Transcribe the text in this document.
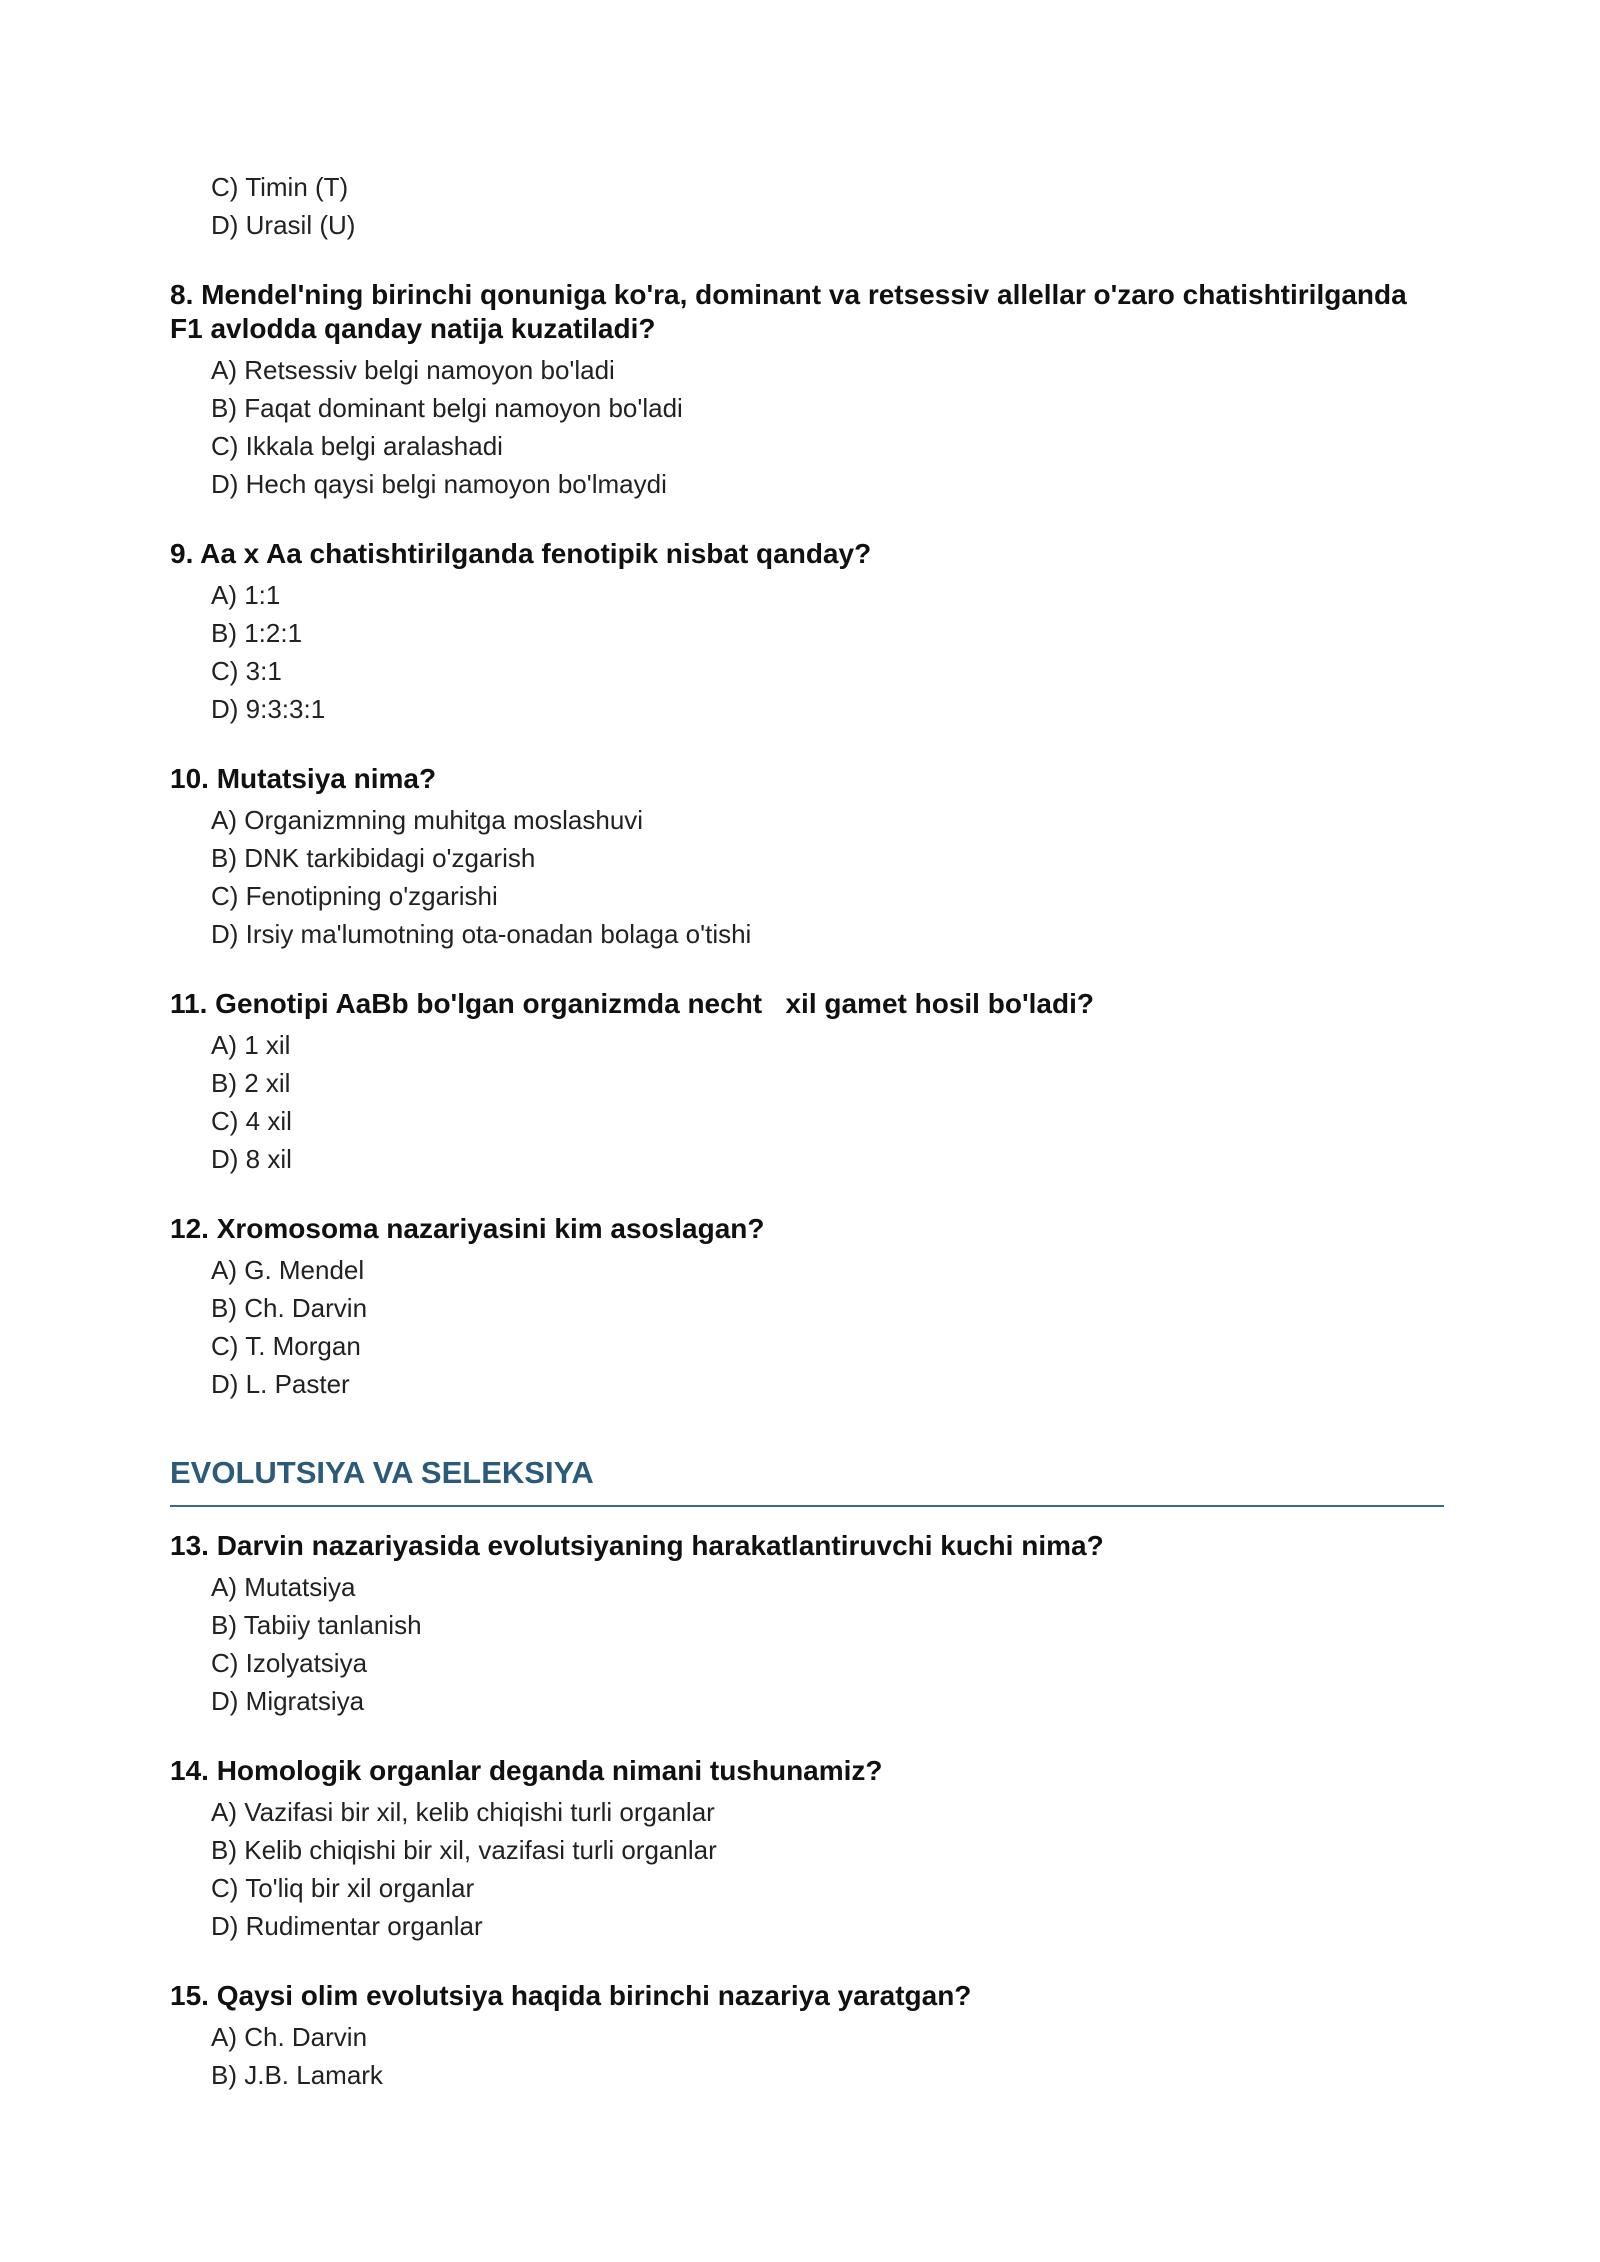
C) Timin (T)
D) Urasil (U)

8. Mendel'ning birinchi qonuniga ko'ra, dominant va retsessiv allellar o'zaro chatishtirilganda F1 avlodda qanday natija kuzatiladi?

A) Retsessiv belgi namoyon bo'ladi
B) Faqat dominant belgi namoyon bo'ladi
C) Ikkala belgi aralashadi
D) Hech qaysi belgi namoyon bo'lmaydi

9. Aa x Aa chatishtirilganda fenotipik nisbat qanday?

A) 1:1
B) 1:2:1
C) 3:1
D) 9:3:3:1

10. Mutatsiya nima?

A) Organizmning muhitga moslashuvi
B) DNK tarkibidagi o'zgarish
C) Fenotipning o'zgarishi
D) Irsiy ma'lumotning ota-onadan bolaga o'tishi

11. Genotipi AaBb bo'lgan organizmda necht   xil gamet hosil bo'ladi?

A) 1 xil
B) 2 xil
C) 4 xil
D) 8 xil

12. Xromosoma nazariyasini kim asoslagan?

A) G. Mendel
B) Ch. Darvin
C) T. Morgan
D) L. Paster
EVOLUTSIYA VA SELEKSIYA

13. Darvin nazariyasida evolutsiyaning harakatlantiruvchi kuchi nima?

A) Mutatsiya
B) Tabiiy tanlanish
C) Izolyatsiya
D) Migratsiya

14. Homologik organlar deganda nimani tushunamiz?

A) Vazifasi bir xil, kelib chiqishi turli organlar
B) Kelib chiqishi bir xil, vazifasi turli organlar
C) To'liq bir xil organlar
D) Rudimentar organlar

15. Qaysi olim evolutsiya haqida birinchi nazariya yaratgan?

A) Ch. Darvin
B) J.B. Lamark
